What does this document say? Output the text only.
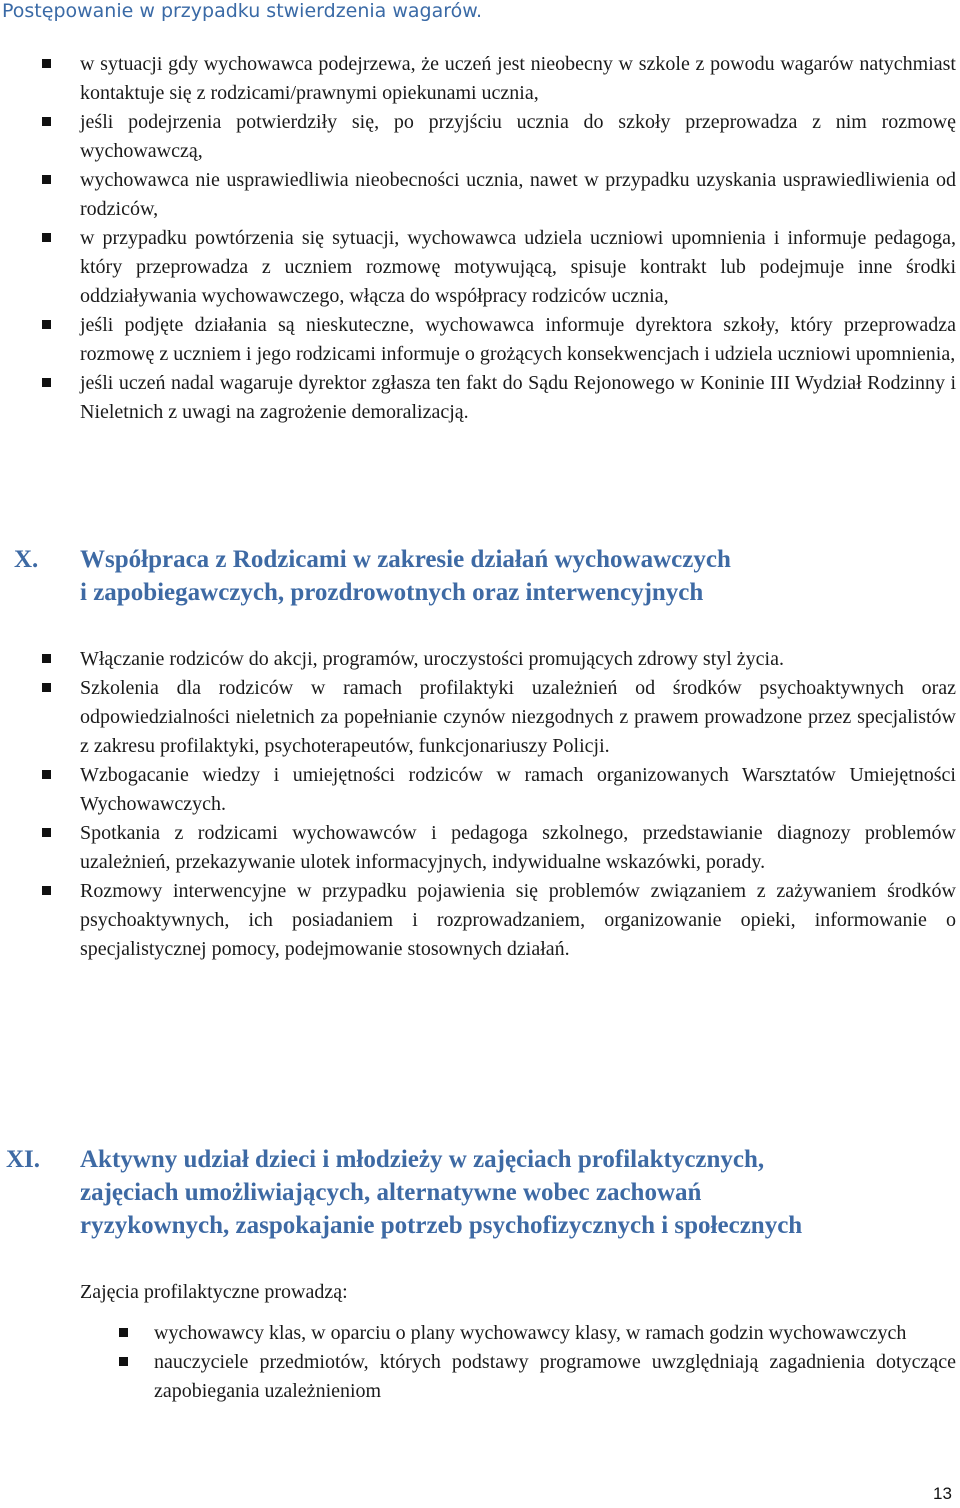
Postępowanie w przypadku stwierdzenia wagarów.
w sytuacji gdy wychowawca podejrzewa, że uczeń jest nieobecny w szkole z powodu wagarów natychmiast kontaktuje się z rodzicami/prawnymi opiekunami ucznia,
jeśli podejrzenia potwierdziły się, po przyjściu ucznia do szkoły przeprowadza z nim rozmowę wychowawczą,
wychowawca nie usprawiedliwia nieobecności ucznia, nawet w przypadku uzyskania usprawiedliwienia od rodziców,
w przypadku powtórzenia się sytuacji, wychowawca udziela uczniowi upomnienia i informuje pedagoga, który przeprowadza z uczniem rozmowę motywującą, spisuje kontrakt lub podejmuje inne środki oddziaływania wychowawczego, włącza do współpracy rodziców ucznia,
jeśli podjęte działania są nieskuteczne, wychowawca informuje dyrektora szkoły, który przeprowadza rozmowę z uczniem i jego rodzicami informuje o grożących konsekwencjach i udziela uczniowi upomnienia,
jeśli uczeń nadal wagaruje dyrektor zgłasza ten fakt do Sądu Rejonowego w Koninie III Wydział Rodzinny i Nieletnich z uwagi na zagrożenie demoralizacją.
X. Współpraca z Rodzicami w zakresie działań wychowawczych
i zapobiegawczych, prozdrowotnych oraz interwencyjnych
Włączanie rodziców do akcji, programów, uroczystości promujących zdrowy styl życia.
Szkolenia dla rodziców w ramach profilaktyki uzależnień od środków psychoaktywnych oraz odpowiedzialności nieletnich za popełnianie czynów niezgodnych z prawem prowadzone przez specjalistów z zakresu profilaktyki, psychoterapeutów, funkcjonariuszy Policji.
Wzbogacanie wiedzy i umiejętności rodziców w ramach organizowanych Warsztatów Umiejętności Wychowawczych.
Spotkania z rodzicami wychowawców i pedagoga szkolnego, przedstawianie diagnozy problemów uzależnień, przekazywanie ulotek informacyjnych, indywidualne wskazówki, porady.
Rozmowy interwencyjne w przypadku pojawienia się problemów związanie​m z zażywaniem środków psychoaktywnych, ich posiadaniem i rozprowadzaniem, organizowanie opieki, informowanie o specjalistycznej pomocy, podejmowanie stosownych działań.
XI. Aktywny udział dzieci i młodzieży w zajęciach profilaktycznych,
zajęciach umożliwiających, alternatywne wobec zachowań
ryzykownych, zaspokajanie potrzeb psychofizycznych i społecznych
Zajęcia profilaktyczne prowadzą:
wychowawcy klas, w oparciu o plany wychowawcy klasy, w ramach godzin wychowawczych
nauczyciele przedmiotów, których podstawy programowe uwzględniają zagadnienia dotyczące zapobiegania uzależnieniom
13
